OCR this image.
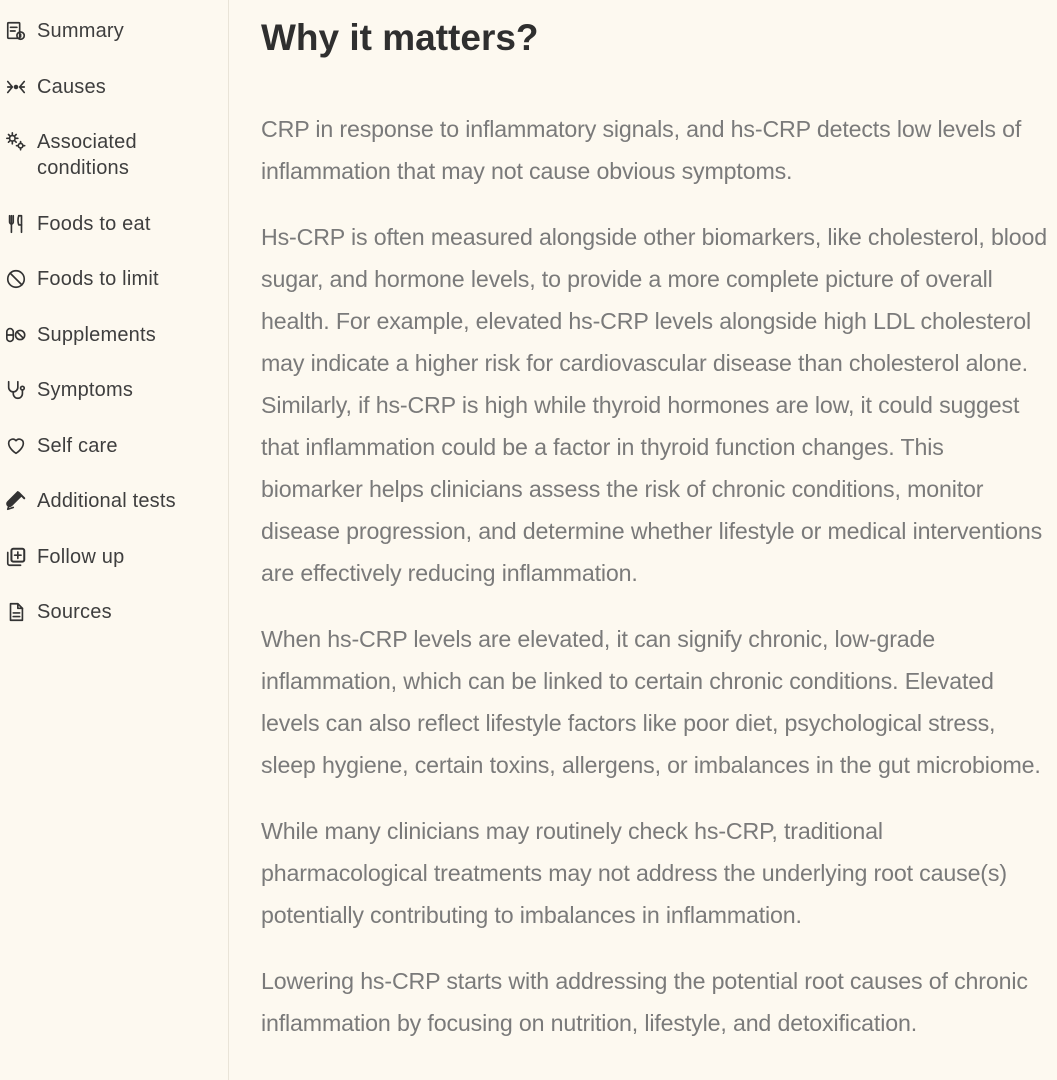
Summary
Causes
Associated conditions
Foods to eat
Foods to limit
Supplements
Symptoms
Self care
Additional tests
Follow up
Sources
Why it matters?

CRP in response to inflammatory signals, and hs-CRP detects low levels of inflammation that may not cause obvious symptoms.

Hs-CRP is often measured alongside other biomarkers, like cholesterol, blood sugar, and hormone levels, to provide a more complete picture of overall health. For example, elevated hs-CRP levels alongside high LDL cholesterol may indicate a higher risk for cardiovascular disease than cholesterol alone. Similarly, if hs-CRP is high while thyroid hormones are low, it could suggest that inflammation could be a factor in thyroid function changes. This biomarker helps clinicians assess the risk of chronic conditions, monitor disease progression, and determine whether lifestyle or medical interventions are effectively reducing inflammation.

When hs-CRP levels are elevated, it can signify chronic, low-grade inflammation, which can be linked to certain chronic conditions. Elevated levels can also reflect lifestyle factors like poor diet, psychological stress, sleep hygiene, certain toxins, allergens, or imbalances in the gut microbiome.

While many clinicians may routinely check hs-CRP, traditional pharmacological treatments may not address the underlying root cause(s) potentially contributing to imbalances in inflammation.

Lowering hs-CRP starts with addressing the potential root causes of chronic inflammation by focusing on nutrition, lifestyle, and detoxification.
